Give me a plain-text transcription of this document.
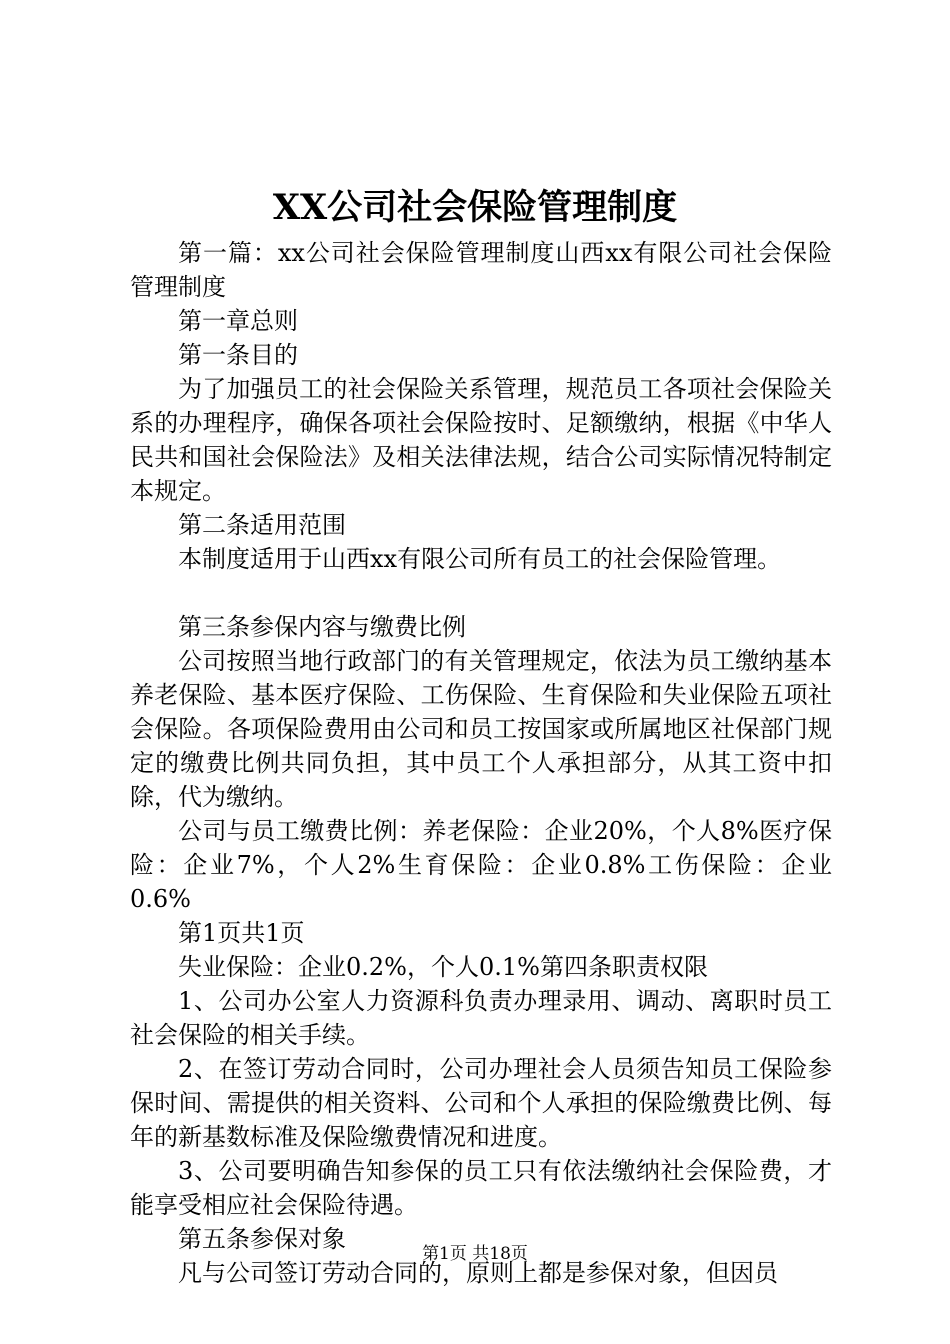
XX公司社会保险管理制度

第一篇：xx公司社会保险管理制度山西xx有限公司社会保险管理制度

第一章总则

第一条目的

为了加强员工的社会保险关系管理，规范员工各项社会保险关系的办理程序，确保各项社会保险按时、足额缴纳，根据《中华人民共和国社会保险法》及相关法律法规，结合公司实际情况特制定本规定。

第二条适用范围

本制度适用于山西xx有限公司所有员工的社会保险管理。

第三条参保内容与缴费比例

公司按照当地行政部门的有关管理规定，依法为员工缴纳基本养老保险、基本医疗保险、工伤保险、生育保险和失业保险五项社会保险。各项保险费用由公司和员工按国家或所属地区社保部门规定的缴费比例共同负担，其中员工个人承担部分，从其工资中扣除，代为缴纳。

公司与员工缴费比例：养老保险：企业20%，个人8%医疗保险：企业7%，个人2%生育保险：企业0.8%工伤保险：企业0.6%

第1页共1页

失业保险：企业0.2%，个人0.1%第四条职责权限

1、公司办公室人力资源科负责办理录用、调动、离职时员工社会保险的相关手续。

2、在签订劳动合同时，公司办理社会人员须告知员工保险参保时间、需提供的相关资料、公司和个人承担的保险缴费比例、每年的新基数标准及保险缴费情况和进度。

3、公司要明确告知参保的员工只有依法缴纳社会保险费，才能享受相应社会保险待遇。

第五条参保对象

凡与公司签订劳动合同的，原则上都是参保对象，但因员

第1页 共18页
